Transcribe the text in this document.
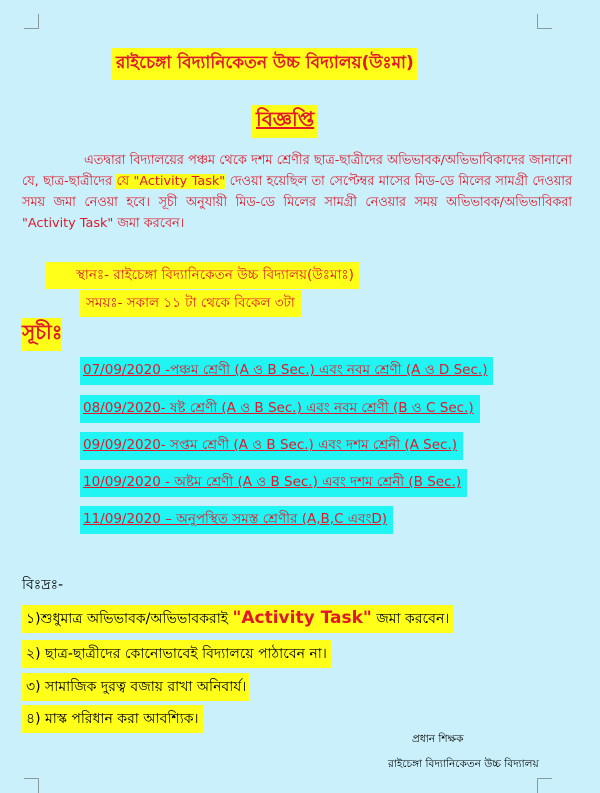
রাইচেঙ্গা বিদ্যানিকেতন উচ্চ বিদ্যালয়(উঃমা)
বিজ্ঞপ্তি
এতদ্বারা বিদ্যালয়ের পঞ্চম থেকে দশম শ্রেণীর ছাত্র-ছাত্রীদের অভিভাবক/অভিভাবিকাদের জানানো যে, ছাত্র-ছাত্রীদের যে "Activity Task" দেওয়া হয়েছিল তা সেপ্টেম্বর মাসের মিড-ডে মিলের সামগ্রী দেওয়ার সময় জমা নেওয়া হবে। সূচী অনুযায়ী মিড-ডে মিলের সামগ্রী নেওয়ার সময় অভিভাবক/অভিভাবিকরা "Activity Task" জমা করবেন।
স্থানঃ- রাইচেঙ্গা বিদ্যানিকেতন উচ্চ বিদ্যালয়(উঃমাঃ)
সময়ঃ- সকাল ১১ টা থেকে বিকেল ৩টা
সূচীঃ
07/09/2020 -পঞ্চম শ্রেণী (A ও B Sec.) এবং নবম শ্রেণী (A ও D Sec.)
08/09/2020- ষষ্ট শ্রেণী (A ও B Sec.) এবং নবম শ্রেণী (B ও C Sec.)
09/09/2020- সপ্তম শ্রেণী (A ও B Sec.) এবং দশম শ্রেনী (A Sec.)
10/09/2020 - অষ্টম শ্রেণী (A ও B Sec.) এবং দশম শ্রেনী (B Sec.)
11/09/2020 – অনুপস্থিত সমস্ত শ্রেণীর (A,B,C এবংD)
বিঃদ্রঃ-
১)শুধুমাত্র অভিভাবক/অভিভাবকরাই "Activity Task" জমা করবেন।
২) ছাত্র-ছাত্রীদের কোনোভাবেই বিদ্যালয়ে পাঠাবেন না।
৩) সামাজিক দুরত্ব বজায় রাখা অনিবার্য।
৪) মাস্ক পরিধান করা আবশ্যিক।
প্রধান শিক্ষক
রাইচেঙ্গা বিদ্যানিকেতন উচ্চ বিদ্যালয়
